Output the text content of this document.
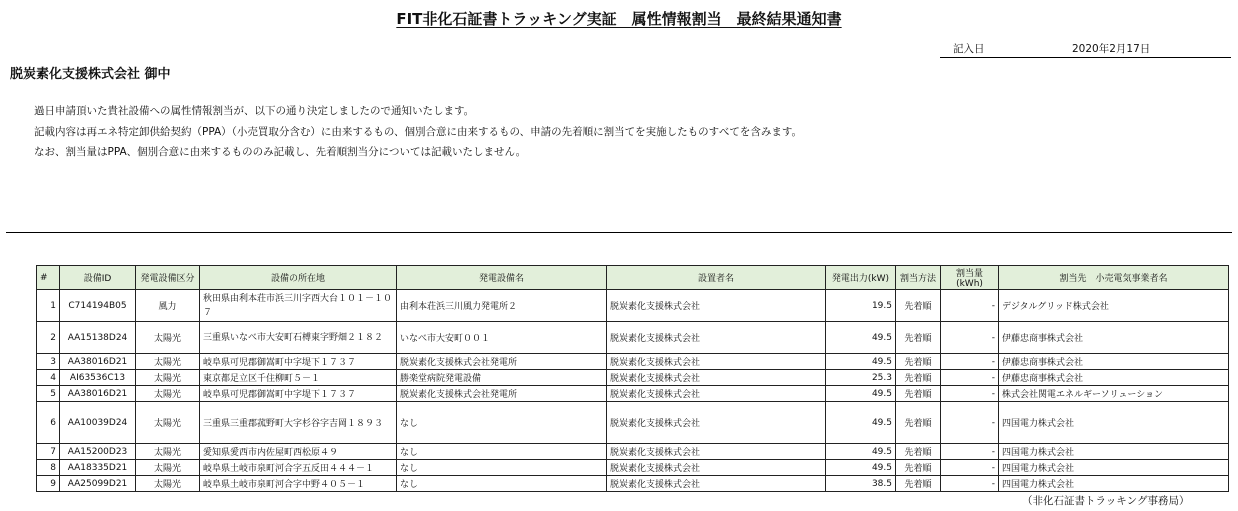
FIT非化石証書トラッキング実証　属性情報割当　最終結果通知書
記入日	2020年2月17日
脱炭素化支援株式会社 御中
過日申請頂いた貴社設備への属性情報割当が、以下の通り決定しましたので通知いたします。
記載内容は再エネ特定卸供給契約（PPA）（小売買取分含む）に由来するもの、個別合意に由来するもの、申請の先着順に割当てを実施したものすべてを含みます。
なお、割当量はPPA、個別合意に由来するもののみ記載し、先着順割当分については記載いたしません。
#	設備ID	発電設備区分	設備の所在地	発電設備名	設置者名	発電出力(kW)	割当方法	割当量(kWh)	割当先　小売電気事業者名
1	C714194B05	風力	秋田県由利本荘市浜三川字西大台１０１－１０７	由利本荘浜三川風力発電所２	脱炭素化支援株式会社	19.5	先着順	-	デジタルグリッド株式会社
2	AA15138D24	太陽光	三重県いなべ市大安町石榑東字野畑２１８２	いなべ市大安町００１	脱炭素化支援株式会社	49.5	先着順	-	伊藤忠商事株式会社
3	AA38016D21	太陽光	岐阜県可児郡御嵩町中字堤下１７３７	脱炭素化支援株式会社発電所	脱炭素化支援株式会社	49.5	先着順	-	伊藤忠商事株式会社
4	AI63536C13	太陽光	東京都足立区千住柳町５－１	勝楽堂病院発電設備	脱炭素化支援株式会社	25.3	先着順	-	伊藤忠商事株式会社
5	AA38016D21	太陽光	岐阜県可児郡御嵩町中字堤下１７３７	脱炭素化支援株式会社発電所	脱炭素化支援株式会社	49.5	先着順	-	株式会社関電エネルギーソリューション
6	AA10039D24	太陽光	三重県三重郡菰野町大字杉谷字吉岡１８９３	なし	脱炭素化支援株式会社	49.5	先着順	-	四国電力株式会社
7	AA15200D23	太陽光	愛知県愛西市内佐屋町西松原４９	なし	脱炭素化支援株式会社	49.5	先着順	-	四国電力株式会社
8	AA18335D21	太陽光	岐阜県土岐市泉町河合字五反田４４４－１	なし	脱炭素化支援株式会社	49.5	先着順	-	四国電力株式会社
9	AA25099D21	太陽光	岐阜県土岐市泉町河合字中野４０５－１	なし	脱炭素化支援株式会社	38.5	先着順	-	四国電力株式会社
（非化石証書トラッキング事務局）
